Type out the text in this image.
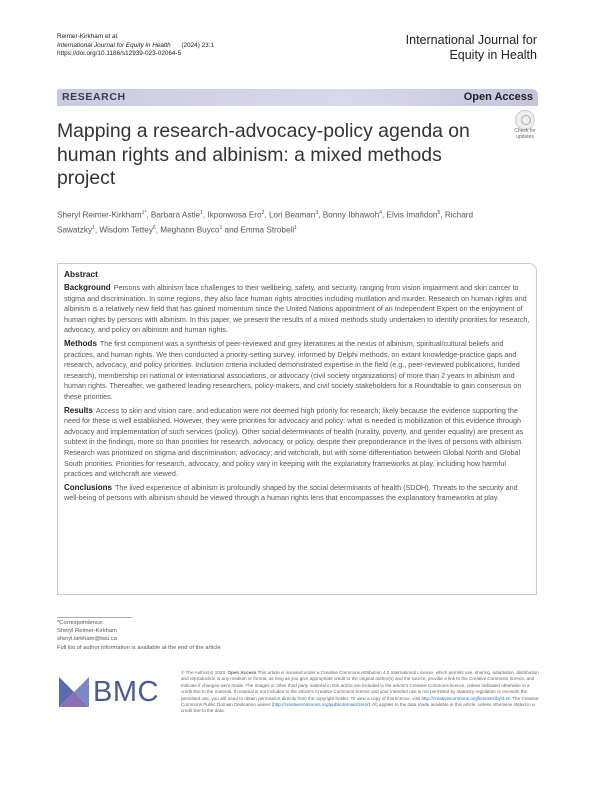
Reimer-Kirkham et al.
International Journal for Equity in Health (2024) 23:1
https://doi.org/10.1186/s12939-023-02064-5
International Journal for
Equity in Health
RESEARCH	Open Access
Mapping a research-advocacy-policy agenda on human rights and albinism: a mixed methods project
Check for
updates
Sheryl Reimer-Kirkham$^{1*}$, Barbara Astle$^1$, Ikponwosa Ero$^2$, Lori Beaman$^3$, Bonny Ibhawoh$^4$, Elvis Imafidon$^5$, Richard Sawatzky$^1$, Wisdom Tettey$^6$, Meghann Buyco$^1$ and Emma Strobell$^1$
Abstract

Background Persons with albinism face challenges to their wellbeing, safety, and security, ranging from vision impairment and skin cancer to stigma and discrimination. In some regions, they also face human rights atrocities including mutilation and murder. Research on human rights and albinism is a relatively new field that has gained momentum since the United Nations appointment of an Independent Expert on the enjoyment of human rights by persons with albinism. In this paper, we present the results of a mixed methods study undertaken to identify priorities for research, advocacy, and policy on albinism and human rights.

Methods The first component was a synthesis of peer-reviewed and grey literatures at the nexus of albinism, spiritual/cultural beliefs and practices, and human rights. We then conducted a priority-setting survey, informed by Delphi methods, on extant knowledge-practice gaps and research, advocacy, and policy priorities. Inclusion criteria included demonstrated expertise in the field (e.g., peer-reviewed publications, funded research), membership on national or international associations, or advocacy (civil society organizations) of more than 2 years in albinism and human rights. Thereafter, we gathered leading researchers, policy-makers, and civil society stakeholders for a Roundtable to gain consensus on these priorities.

Results Access to skin and vision care, and education were not deemed high priority for research; likely because the evidence supporting the need for these is well established. However, they were priorities for advocacy and policy: what is needed is mobilization of this evidence through advocacy and implementation of such services (policy). Other social determinants of health (rurality, poverty, and gender equality) are present as subtext in the findings, more so than priorities for research, advocacy, or policy, despite their preponderance in the lives of persons with albinism. Research was prioritized on stigma and discrimination; advocacy; and witchcraft, but with some differentiation between Global North and Global South priorities. Priorities for research, advocacy, and policy vary in keeping with the explanatory frameworks at play, including how harmful practices and witchcraft are viewed.

Conclusions The lived experience of albinism is profoundly shaped by the social determinants of health (SDOH). Threats to the security and well-being of persons with albinism should be viewed through a human rights lens that encompasses the explanatory frameworks at play.

*Correspondence:
Sheryl Reimer-Kirkham
sheryl.kirkham@twu.ca
Full list of author information is available at the end of the article
BMC
© The Author(s) 2023. Open Access This article is licensed under a Creative Commons Attribution 4.0 International License, which permits use, sharing, adaptation, distribution and reproduction in any medium or format, as long as you give appropriate credit to the original author(s) and the source, provide a link to the Creative Commons licence, and indicate if changes were made. The images or other third party material in this article are included in the article's Creative Commons licence, unless indicated otherwise in a credit line to the material. If material is not included in the article's Creative Commons licence and your intended use is not permitted by statutory regulation or exceeds the permitted use, you will need to obtain permission directly from the copyright holder. To view a copy of this licence, visit http://creativecommons.org/licenses/by/4.0/. The Creative Commons Public Domain Dedication waiver (http://creativecommons.org/publicdomain/zero/1.0/) applies to the data made available in this article, unless otherwise stated in a credit line to the data.
